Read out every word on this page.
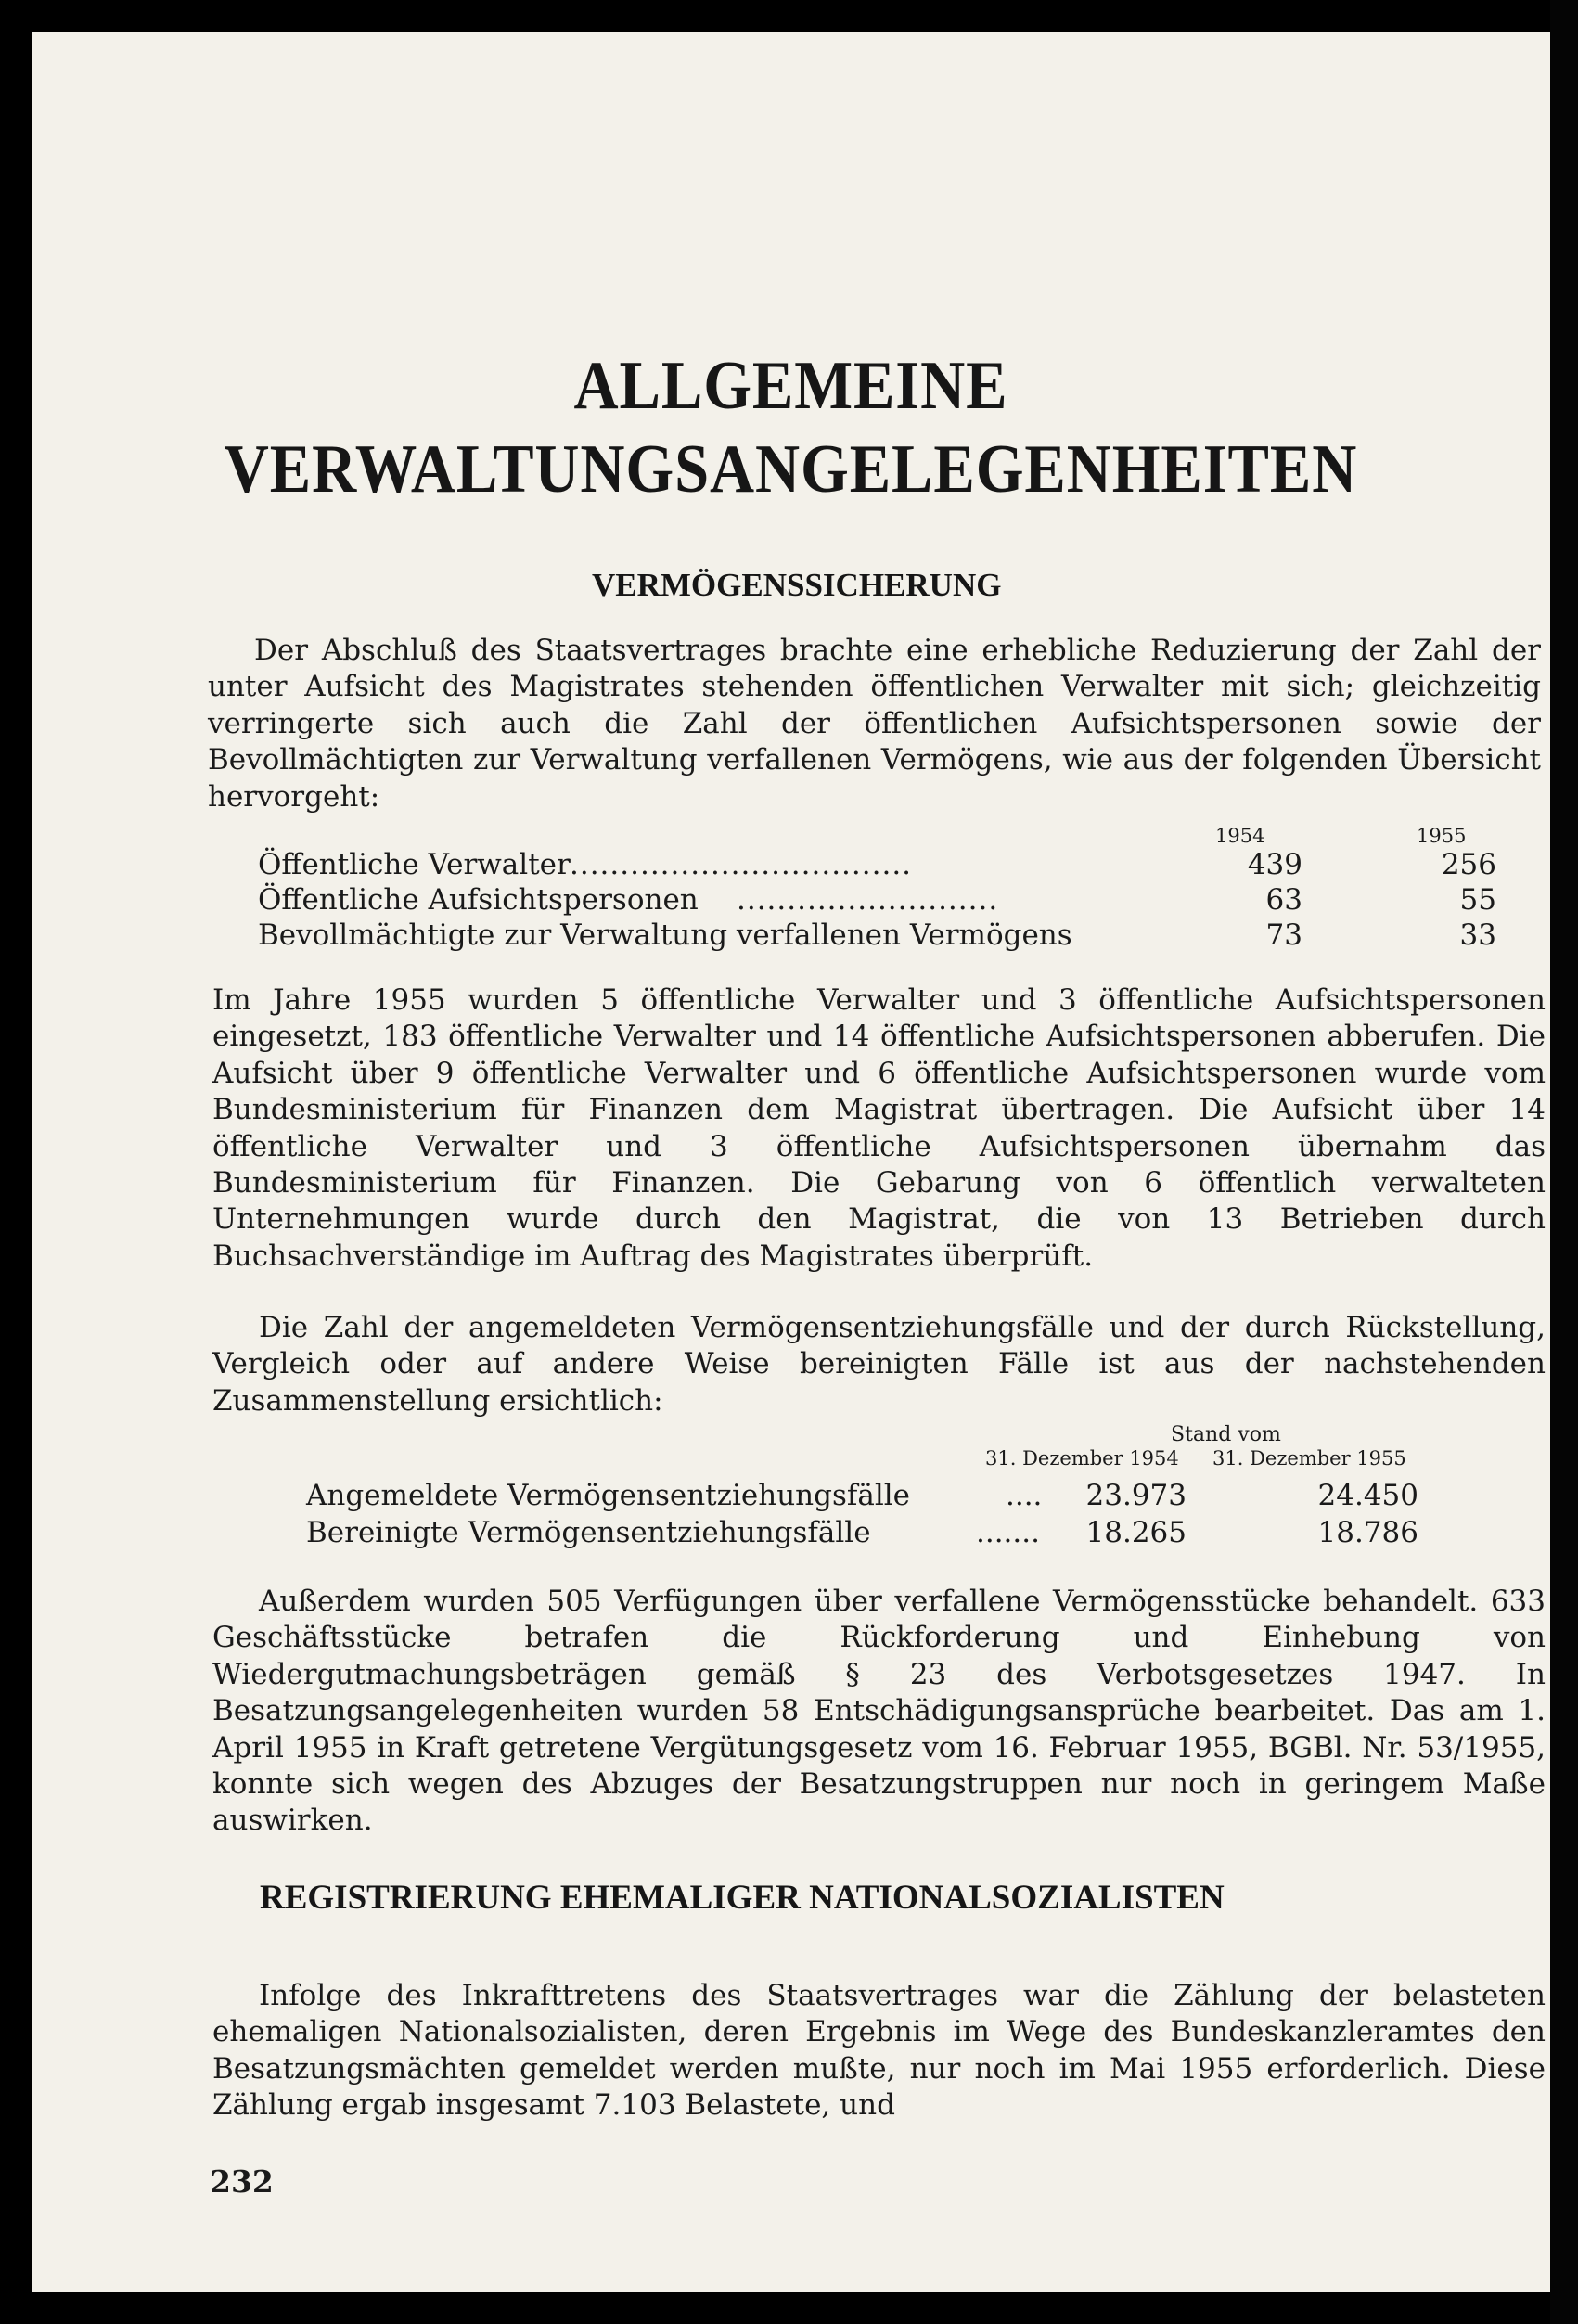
ALLGEMEINE
VERWALTUNGSANGELEGENHEITEN
VERMÖGENSSICHERUNG
Der Abschluß des Staatsvertrages brachte eine erhebliche Reduzierung der Zahl der unter Aufsicht des Magistrates stehenden öffentlichen Verwalter mit sich; gleichzeitig verringerte sich auch die Zahl der öffentlichen Aufsichtspersonen sowie der Bevollmächtigten zur Verwaltung verfallenen Vermögens, wie aus der folgenden Übersicht hervorgeht:
1954	1955
Öffentliche Verwalter ..................................	439	256
Öffentliche Aufsichtspersonen ..........................	63	55
Bevollmächtigte zur Verwaltung verfallenen Vermögens	73	33
Im Jahre 1955 wurden 5 öffentliche Verwalter und 3 öffentliche Aufsichtspersonen eingesetzt, 183 öffentliche Verwalter und 14 öffentliche Aufsichtspersonen abberufen. Die Aufsicht über 9 öffentliche Verwalter und 6 öffentliche Aufsichtspersonen wurde vom Bundesministerium für Finanzen dem Magistrat übertragen. Die Aufsicht über 14 öffentliche Verwalter und 3 öffentliche Aufsichtspersonen übernahm das Bundesministerium für Finanzen. Die Gebarung von 6 öffentlich verwalteten Unternehmungen wurde durch den Magistrat, die von 13 Betrieben durch Buchsachverständige im Auftrag des Magistrates überprüft.
Die Zahl der angemeldeten Vermögensentziehungsfälle und der durch Rückstellung, Vergleich oder auf andere Weise bereinigten Fälle ist aus der nachstehenden Zusammenstellung ersichtlich:
Stand vom
31. Dezember 1954 31. Dezember 1955
Angemeldete Vermögensentziehungsfälle	....	23.973	24.450
Bereinigte Vermögensentziehungsfälle	.......	18.265	18.786
Außerdem wurden 505 Verfügungen über verfallene Vermögensstücke behandelt. 633 Geschäftsstücke betrafen die Rückforderung und Einhebung von Wiedergutmachungsbeträgen gemäß § 23 des Verbotsgesetzes 1947. In Besatzungsangelegenheiten wurden 58 Entschädigungsansprüche bearbeitet. Das am 1. April 1955 in Kraft getretene Vergütungsgesetz vom 16. Februar 1955, BGBl. Nr. 53/1955, konnte sich wegen des Abzuges der Besatzungstruppen nur noch in geringem Maße auswirken.
REGISTRIERUNG EHEMALIGER NATIONALSOZIALISTEN
Infolge des Inkrafttretens des Staatsvertrages war die Zählung der belasteten ehemaligen Nationalsozialisten, deren Ergebnis im Wege des Bundeskanzleramtes den Besatzungsmächten gemeldet werden mußte, nur noch im Mai 1955 erforderlich. Diese Zählung ergab insgesamt 7.103 Belastete, und
232
